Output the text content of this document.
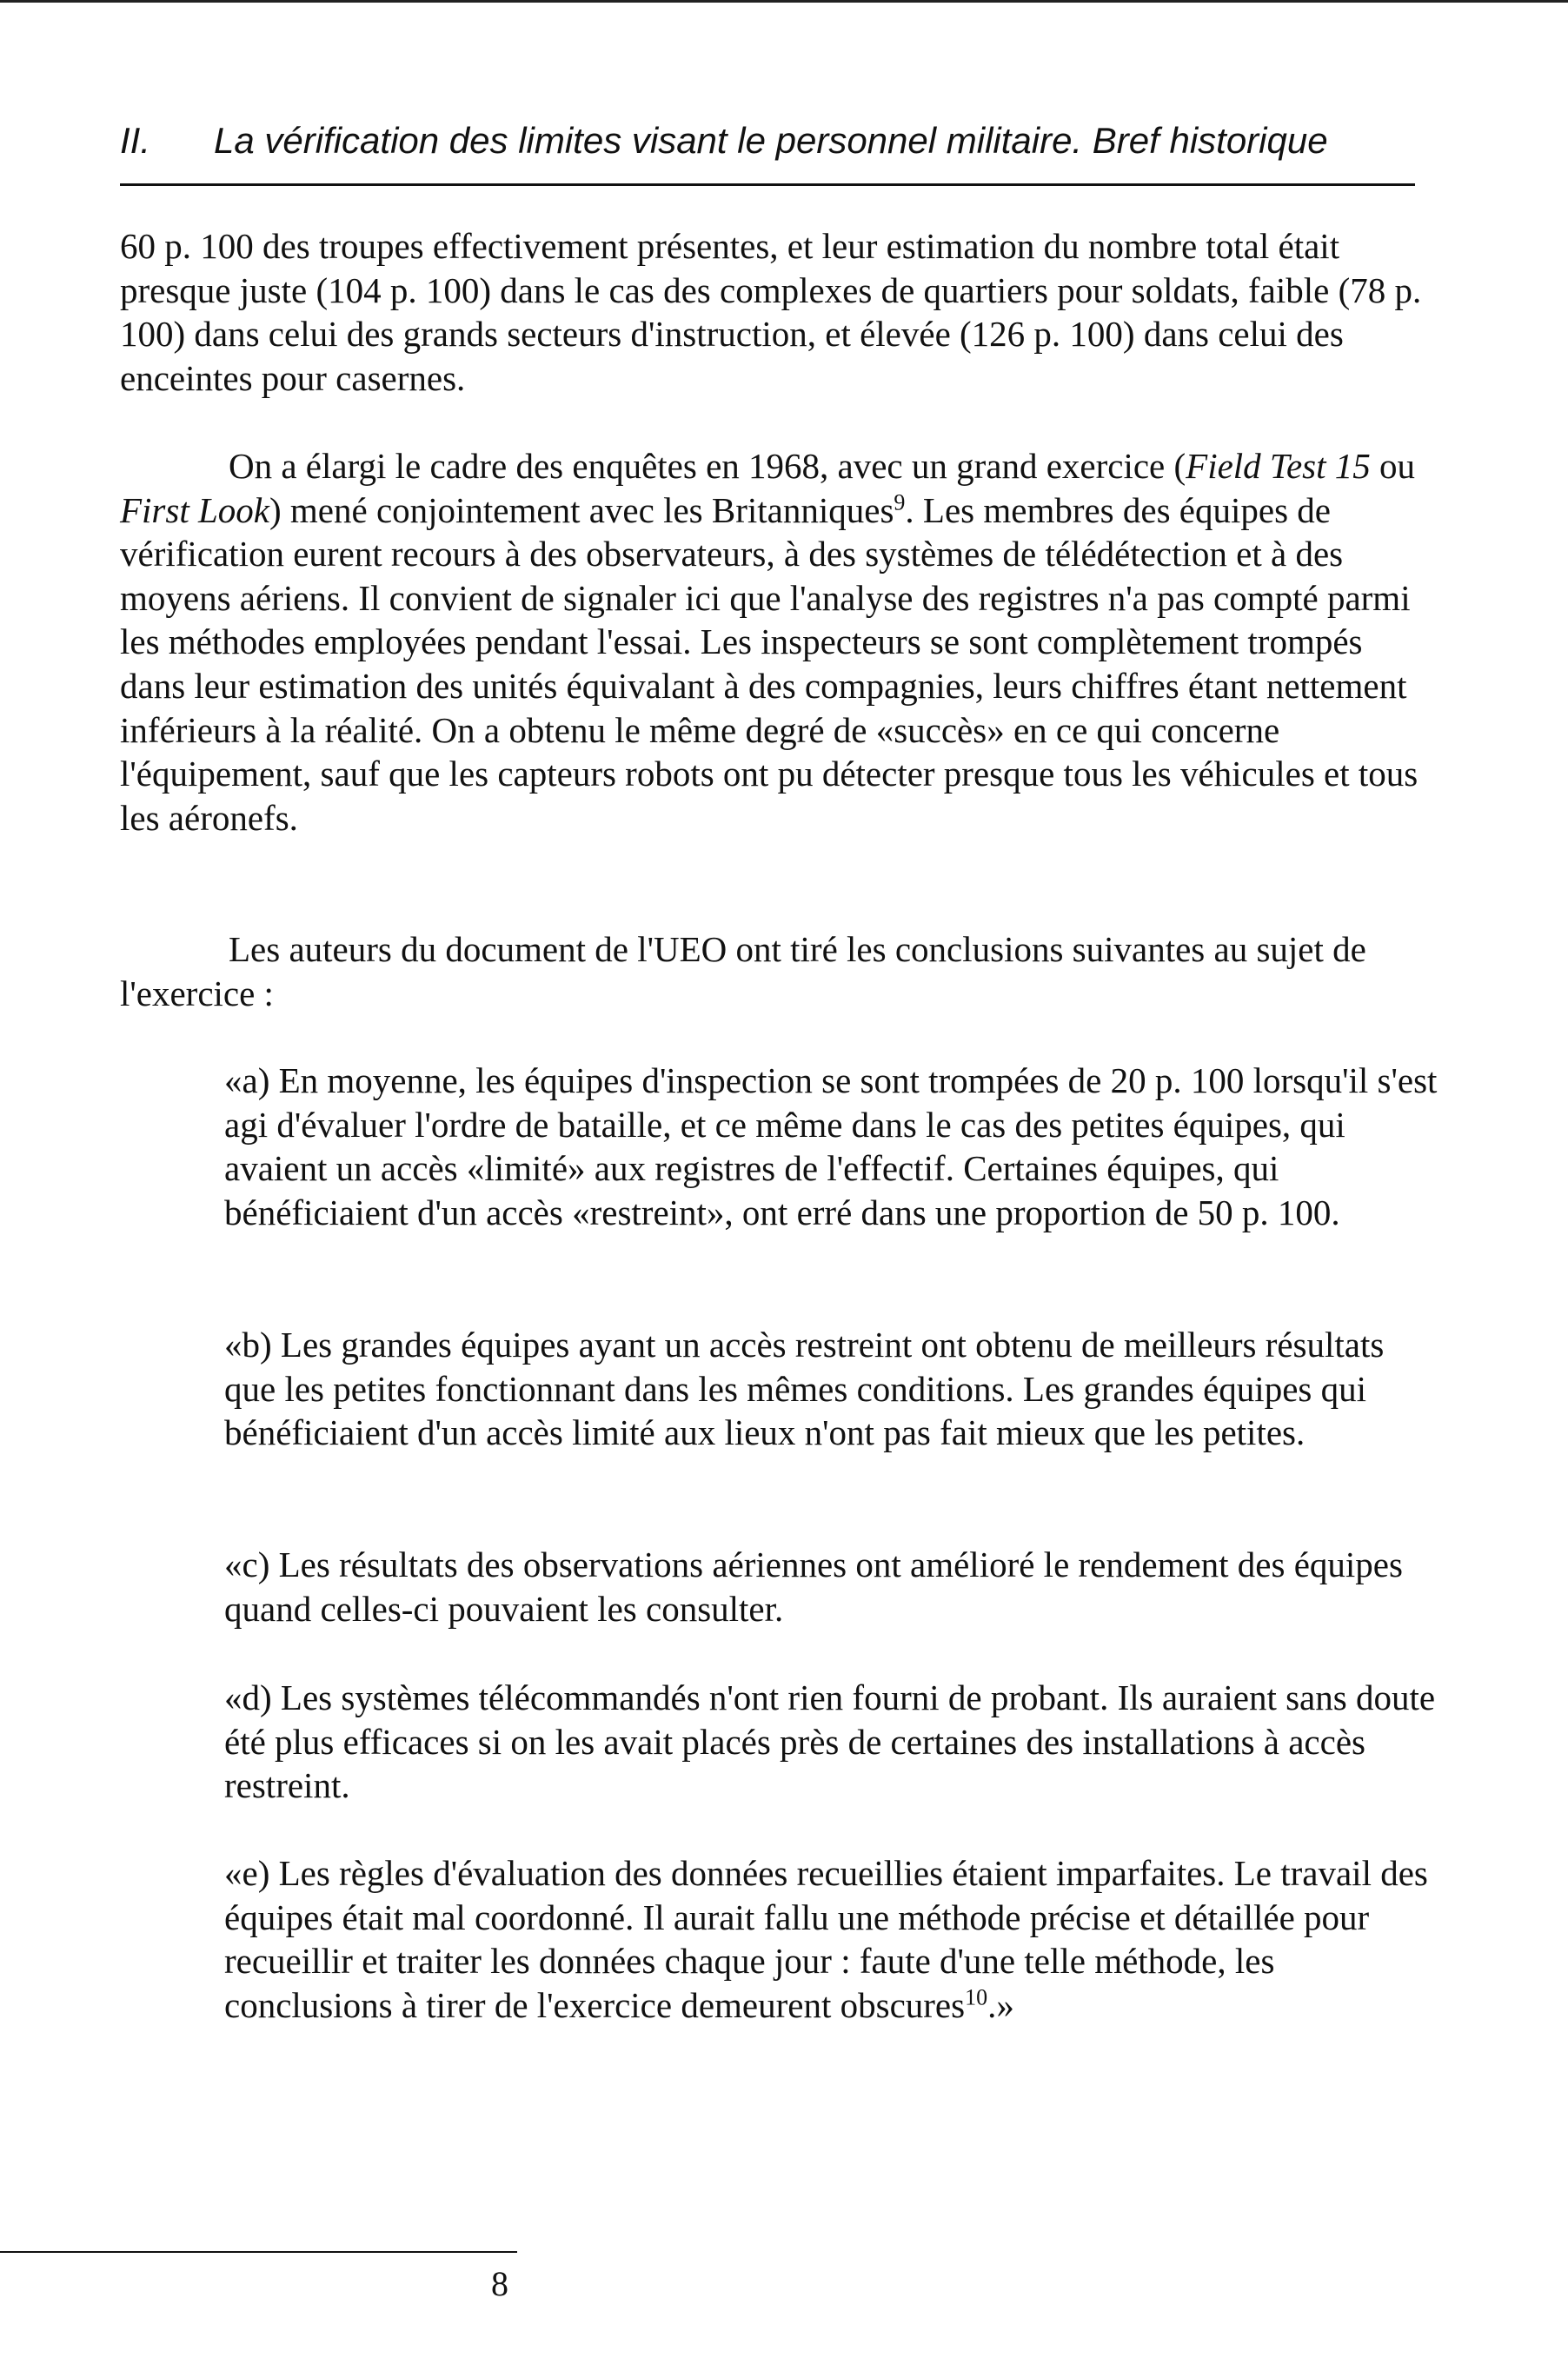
II. La vérification des limites visant le personnel militaire. Bref historique

60 p. 100 des troupes effectivement présentes, et leur estimation du nombre total était presque juste (104 p. 100) dans le cas des complexes de quartiers pour soldats, faible (78 p. 100) dans celui des grands secteurs d'instruction, et élevée (126 p. 100) dans celui des enceintes pour casernes.

On a élargi le cadre des enquêtes en 1968, avec un grand exercice (Field Test 15 ou First Look) mené conjointement avec les Britanniques$^9$. Les membres des équipes de vérification eurent recours à des observateurs, à des systèmes de télédétection et à des moyens aériens. Il convient de signaler ici que l'analyse des registres n'a pas compté parmi les méthodes employées pendant l'essai. Les inspecteurs se sont complètement trompés dans leur estimation des unités équivalant à des compagnies, leurs chiffres étant nettement inférieurs à la réalité. On a obtenu le même degré de «succès» en ce qui concerne l'équipement, sauf que les capteurs robots ont pu détecter presque tous les véhicules et tous les aéronefs.

Les auteurs du document de l'UEO ont tiré les conclusions suivantes au sujet de l'exercice :

«a) En moyenne, les équipes d'inspection se sont trompées de 20 p. 100 lorsqu'il s'est agi d'évaluer l'ordre de bataille, et ce même dans le cas des petites équipes, qui avaient un accès «limité» aux registres de l'effectif. Certaines équipes, qui bénéficiaient d'un accès «restreint», ont erré dans une proportion de 50 p. 100.

«b) Les grandes équipes ayant un accès restreint ont obtenu de meilleurs résultats que les petites fonctionnant dans les mêmes conditions. Les grandes équipes qui bénéficiaient d'un accès limité aux lieux n'ont pas fait mieux que les petites.

«c) Les résultats des observations aériennes ont amélioré le rendement des équipes quand celles-ci pouvaient les consulter.

«d) Les systèmes télécommandés n'ont rien fourni de probant. Ils auraient sans doute été plus efficaces si on les avait placés près de certaines des installations à accès restreint.

«e) Les règles d'évaluation des données recueillies étaient imparfaites. Le travail des équipes était mal coordonné. Il aurait fallu une méthode précise et détaillée pour recueillir et traiter les données chaque jour : faute d'une telle méthode, les conclusions à tirer de l'exercice demeurent obscures$^{10}$.»

8
